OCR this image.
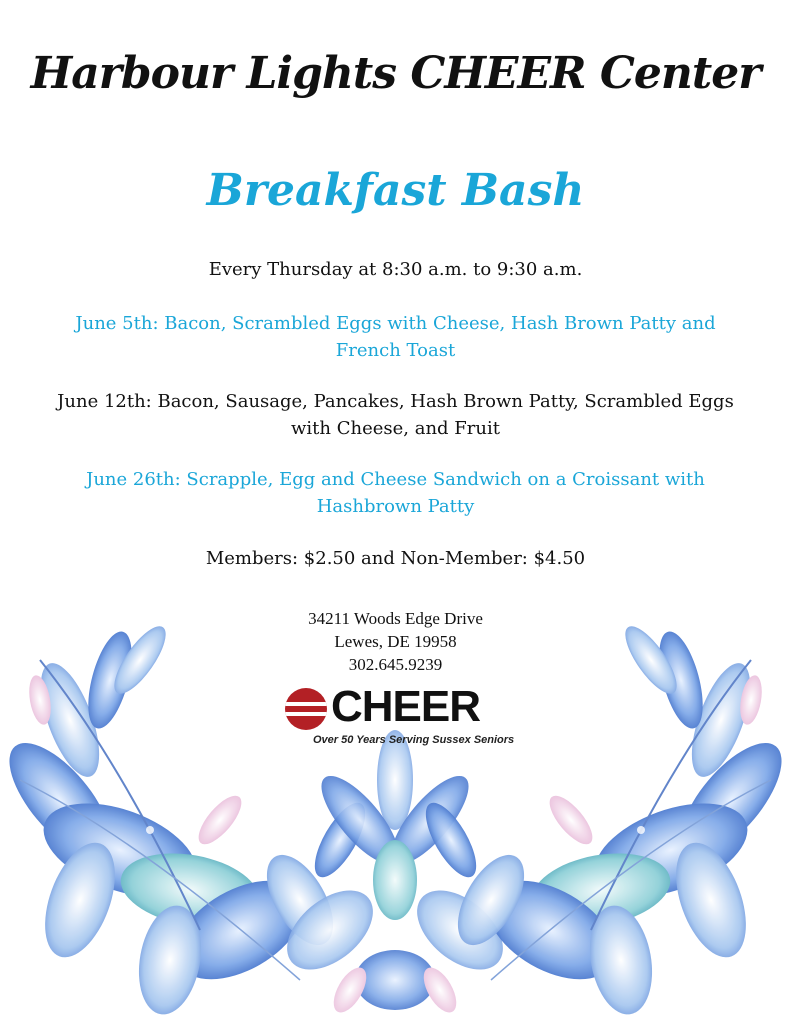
Harbour Lights CHEER Center
Breakfast Bash
Every Thursday at 8:30 a.m. to 9:30 a.m.
June 5th: Bacon, Scrambled Eggs with Cheese, Hash Brown Patty and
French Toast
June 12th: Bacon, Sausage, Pancakes, Hash Brown Patty, Scrambled Eggs
with Cheese, and Fruit
June 26th: Scrapple, Egg and Cheese Sandwich on a Croissant with
Hashbrown Patty
Members: $2.50 and Non-Member: $4.50
34211 Woods Edge Drive
Lewes, DE 19958
302.645.9239
CHEER
Over 50 Years Serving Sussex Seniors
